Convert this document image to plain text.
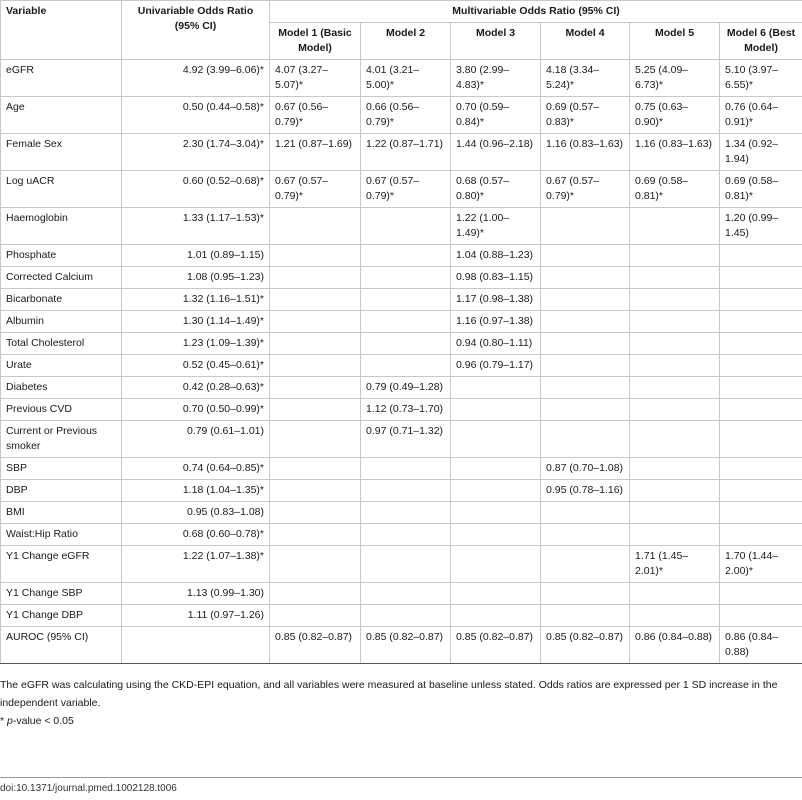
Variable	Univariable Odds Ratio (95% CI)	Multivariable Odds Ratio (95% CI)					
		Model 1 (Basic Model)	Model 2	Model 3	Model 4	Model 5	Model 6 (Best Model)
eGFR	4.92 (3.99–6.06)*	4.07 (3.27–5.07)*	4.01 (3.21–5.00)*	3.80 (2.99–4.83)*	4.18 (3.34–5.24)*	5.25 (4.09–6.73)*	5.10 (3.97–6.55)*
Age	0.50 (0.44–0.58)*	0.67 (0.56–0.79)*	0.66 (0.56–0.79)*	0.70 (0.59–0.84)*	0.69 (0.57–0.83)*	0.75 (0.63–0.90)*	0.76 (0.64–0.91)*
Female Sex	2.30 (1.74–3.04)*	1.21 (0.87–1.69)	1.22 (0.87–1.71)	1.44 (0.96–2.18)	1.16 (0.83–1.63)	1.16 (0.83–1.63)	1.34 (0.92–1.94)
Log uACR	0.60 (0.52–0.68)*	0.67 (0.57–0.79)*	0.67 (0.57–0.79)*	0.68 (0.57–0.80)*	0.67 (0.57–0.79)*	0.69 (0.58–0.81)*	0.69 (0.58–0.81)*
Haemoglobin	1.33 (1.17–1.53)*			1.22 (1.00–1.49)*			1.20 (0.99–1.45)
Phosphate	1.01 (0.89–1.15)			1.04 (0.88–1.23)			
Corrected Calcium	1.08 (0.95–1.23)			0.98 (0.83–1.15)			
Bicarbonate	1.32 (1.16–1.51)*			1.17 (0.98–1.38)			
Albumin	1.30 (1.14–1.49)*			1.16 (0.97–1.38)			
Total Cholesterol	1.23 (1.09–1.39)*			0.94 (0.80–1.11)			
Urate	0.52 (0.45–0.61)*			0.96 (0.79–1.17)			
Diabetes	0.42 (0.28–0.63)*		0.79 (0.49–1.28)				
Previous CVD	0.70 (0.50–0.99)*		1.12 (0.73–1.70)				
Current or Previous smoker	0.79 (0.61–1.01)		0.97 (0.71–1.32)				
SBP	0.74 (0.64–0.85)*				0.87 (0.70–1.08)		
DBP	1.18 (1.04–1.35)*				0.95 (0.78–1.16)		
BMI	0.95 (0.83–1.08)						
Waist:Hip Ratio	0.68 (0.60–0.78)*						
Y1 Change eGFR	1.22 (1.07–1.38)*					1.71 (1.45–2.01)*	1.70 (1.44–2.00)*
Y1 Change SBP	1.13 (0.99–1.30)						
Y1 Change DBP	1.11 (0.97–1.26)						
AUROC (95% CI)		0.85 (0.82–0.87)	0.85 (0.82–0.87)	0.85 (0.82–0.87)	0.85 (0.82–0.87)	0.86 (0.84–0.88)	0.86 (0.84–0.88)

The eGFR was calculating using the CKD-EPI equation, and all variables were measured at baseline unless stated. Odds ratios are expressed per 1 SD increase in the independent variable.

* p-value < 0.05

doi:10.1371/journal.pmed.1002128.t006
